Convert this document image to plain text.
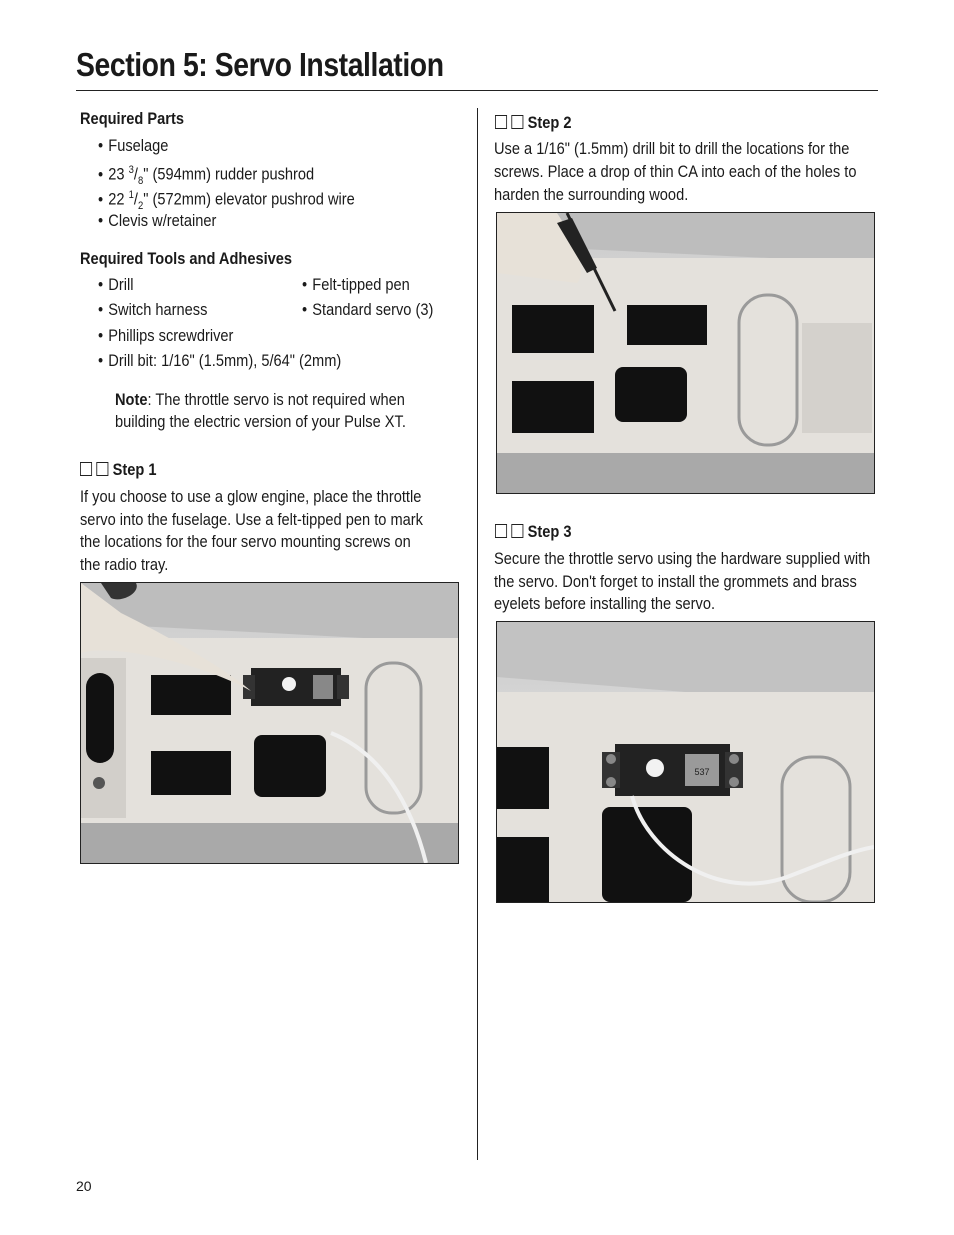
Section 5: Servo Installation
Required Parts
• Fuselage
• 23 $^3/_8$" (594mm) rudder pushrod
• 22 $^1/_2$" (572mm) elevator pushrod wire
• Clevis w/retainer
Required Tools and Adhesives
• Drill
• Switch harness
• Phillips screwdriver
• Drill bit: 1/16" (1.5mm), 5/64" (2mm)
• Felt-tipped pen
• Standard servo (3)
Note: The throttle servo is not required when
building the electric version of your Pulse XT.
Step 1
If you choose to use a glow engine, place the throttle
servo into the fuselage. Use a felt-tipped pen to mark
the locations for the four servo mounting screws on
the radio tray.
Step 2
Use a 1/16" (1.5mm) drill bit to drill the locations for the
screws. Place a drop of thin CA into each of the holes to
harden the surrounding wood.
Step 3
Secure the throttle servo using the hardware supplied with
the servo. Don't forget to install the grommets and brass
eyelets before installing the servo.
537
20
